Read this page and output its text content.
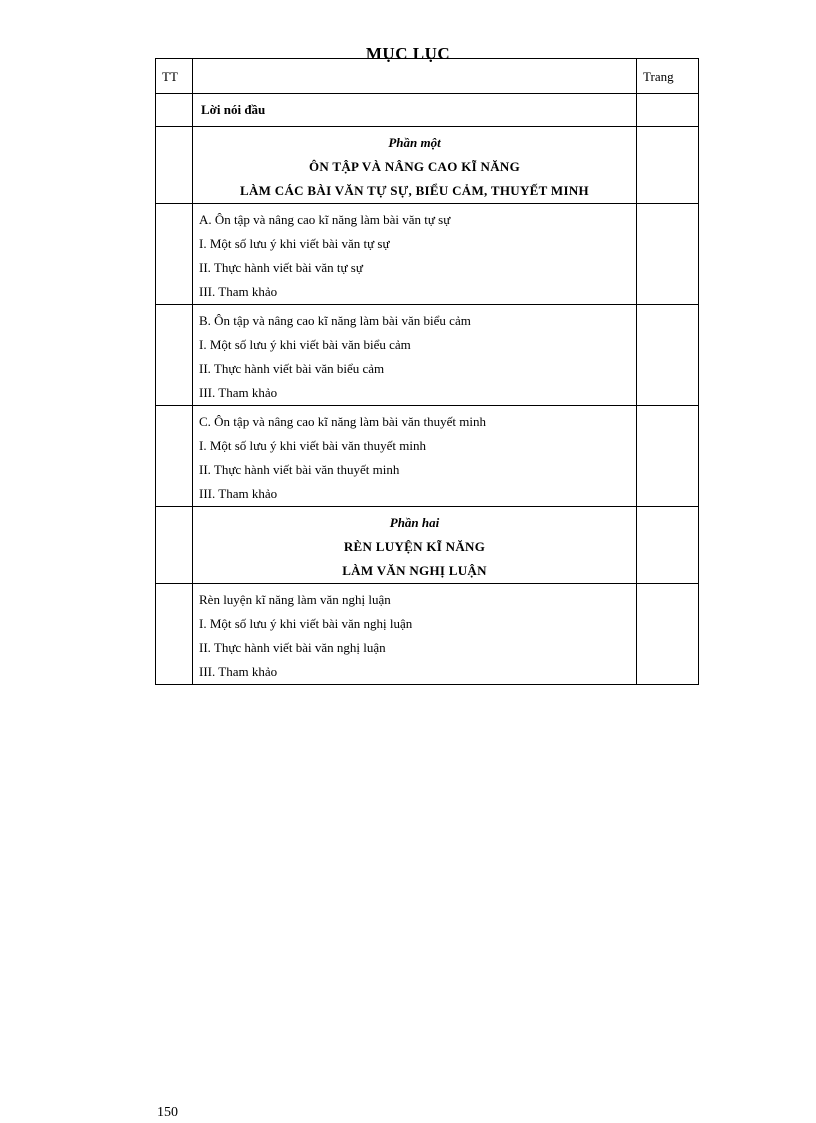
MỤC LỤC
TT		Trang
	Lời nói đầu	

	Phần một
ÔN TẬP VÀ NÂNG CAO KĨ NĂNG
LÀM CÁC BÀI VĂN TỰ SỰ, BIỂU CẢM, THUYẾT MINH	

	A. Ôn tập và nâng cao kĩ năng làm bài văn tự sự
I. Một số lưu ý khi viết bài văn tự sự
II. Thực hành viết bài văn tự sự
III. Tham khảo	

	B. Ôn tập và nâng cao kĩ năng làm bài văn biểu cảm
I. Một số lưu ý khi viết bài văn biểu cảm
II. Thực hành viết bài văn biểu cảm
III. Tham khảo	

	C. Ôn tập và nâng cao kĩ năng làm bài văn thuyết minh
I. Một số lưu ý khi viết bài văn thuyết minh
II. Thực hành viết bài văn thuyết minh
III. Tham khảo	

	Phần hai
RÈN LUYỆN KĨ NĂNG
LÀM VĂN NGHỊ LUẬN	

	Rèn luyện kĩ năng làm văn nghị luận
I. Một số lưu ý khi viết bài văn nghị luận
II. Thực hành viết bài văn nghị luận
III. Tham khảo	

150
